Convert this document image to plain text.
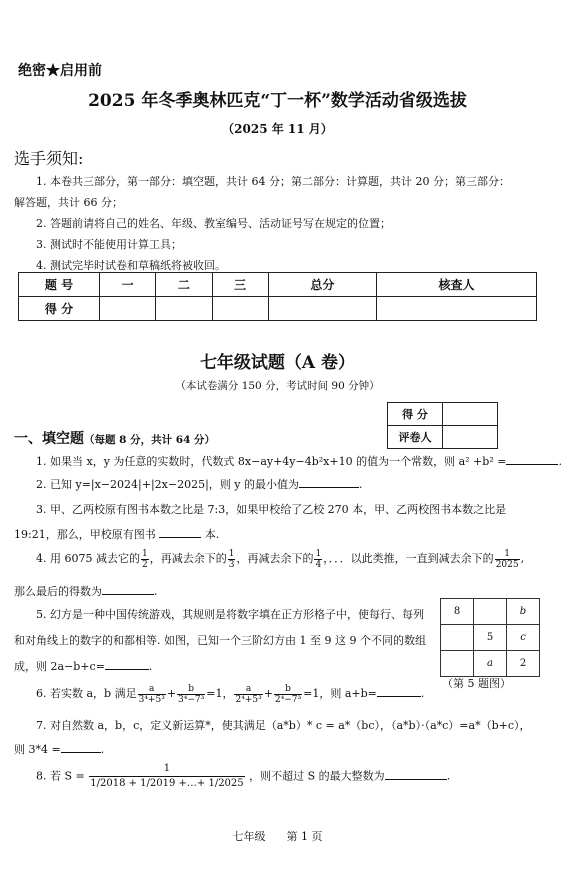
绝密★启用前
2025 年冬季奥林匹克“丁一杯”数学活动省级选拔
（2025 年 11 月）
选手须知:
1. 本卷共三部分，第一部分：填空题，共计 64 分；第二部分：计算题，共计 20 分；第三部分：
解答题，共计 66 分；
2. 答题前请将自己的姓名、年级、教室编号、活动证号写在规定的位置；
3. 测试时不能使用计算工具；
4. 测试完毕时试卷和草稿纸将被收回。
题 号	一	二	三	总分	核查人
得 分					
七年级试题（A 卷）
（本试卷满分 150 分，考试时间 90 分钟）
得 分	
评卷人	
一、填空题（每题 8 分，共计 64 分）
1. 如果当 x，y 为任意的实数时，代数式 8x−ay+4y−4b²x+10 的值为一个常数，则 a² +b² =	.
2. 已知 y=|x−2024|+|2x−2025|，则 y 的最小值为	.
3. 甲、乙两校原有图书本数之比是 7:3，如果甲校给了乙校 270 本，甲、乙两校图书本数之比是
19:21，那么，甲校原有图书	本.
4. 用 6075 减去它的 $\frac{1}{2}$ ，再减去余下的 $\frac{1}{3}$ ，再减去余下的 $\frac{1}{4}$ ，．．．以此类推，一直到减去余下的 $\frac{1}{2025}$ ,
那么最后的得数为	.
5. 幻方是一种中国传统游戏，其规则是将数字填在正方形格子中，使每行、每列
和对角线上的数字的和都相等. 如图，已知一个三阶幻方由 1 至 9 这 9 个不同的数组
成，则 2a−b+c=	.
8		b
	5	c
	a	2
（第 5 题图）
6. 若实数 a，b 满足 $\frac{a}{\text{3⁴+5³}} + \frac{b}{\text{3⁴−7³}} =1$， $\frac{a}{\text{2⁴+5³}} + \frac{b}{\text{2⁴−7³}} =1$，则 a+b=	.
7. 对自然数 a，b，c，定义新运算*，使其满足（a*b）* c = a*（bc），（a*b）·（a*c）=a*（b+c），
则 3*4 =	.
8. 若 $S = \frac{1}{1/2018 + 1/2019 +\dots+ 1/2025}$ ，则不超过 S 的最大整数为	.
七年级 第 1 页
